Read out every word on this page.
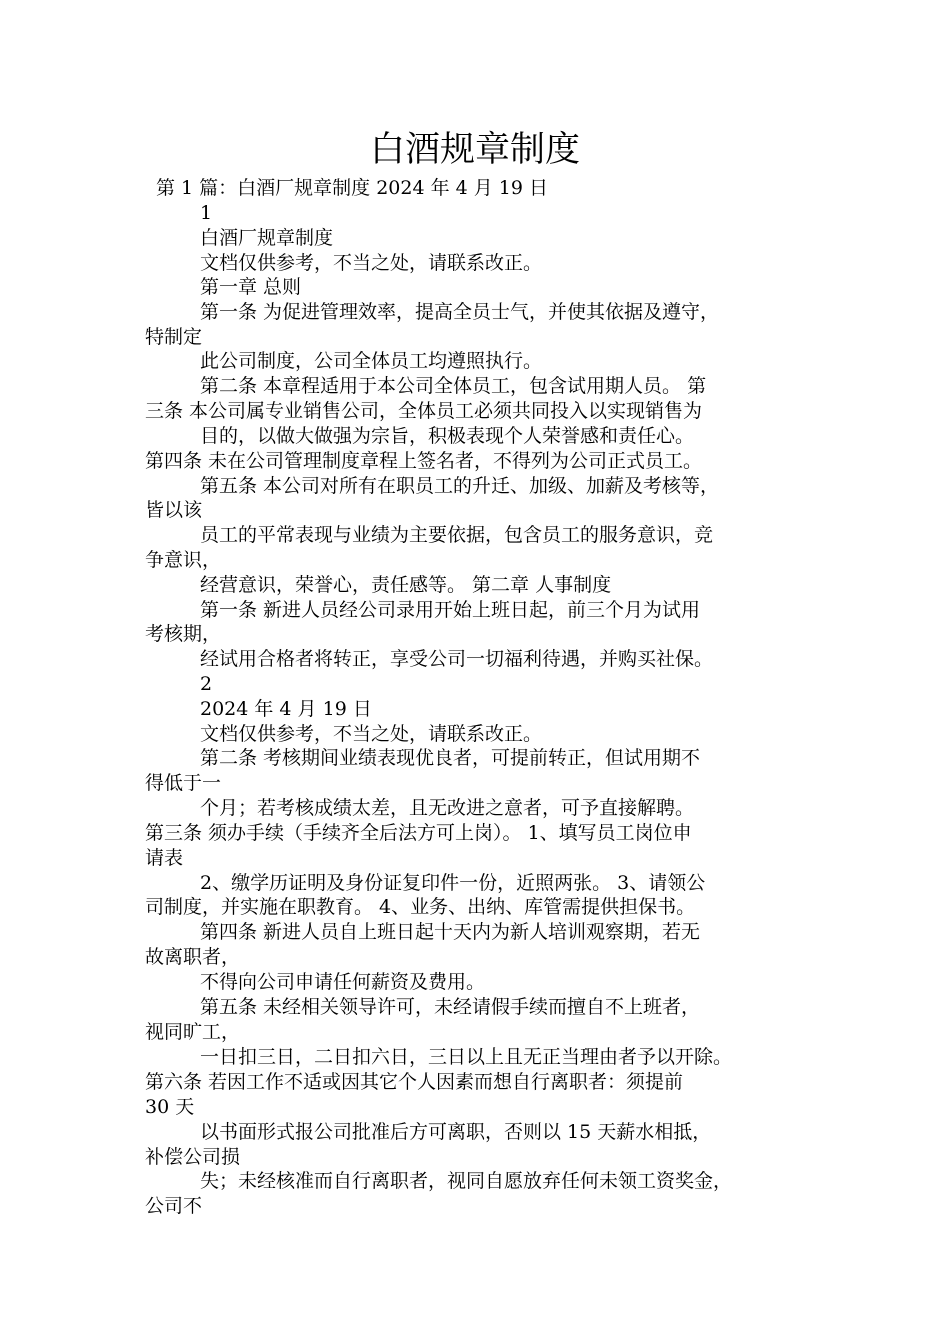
白酒规章制度
第 1 篇：白酒厂规章制度 2024 年 4 月 19 日
1
白酒厂规章制度
文档仅供参考，不当之处，请联系改正。
第一章 总则
第一条 为促进管理效率，提高全员士气，并使其依据及遵守，
特制定
此公司制度，公司全体员工均遵照执行。
第二条 本章程适用于本公司全体员工，包含试用期人员。 第
三条 本公司属专业销售公司，全体员工必须共同投入以实现销售为
目的，以做大做强为宗旨，积极表现个人荣誉感和责任心。
第四条 未在公司管理制度章程上签名者，不得列为公司正式员工。
第五条 本公司对所有在职员工的升迁、加级、加薪及考核等，
皆以该
员工的平常表现与业绩为主要依据，包含员工的服务意识，竞
争意识，
经营意识，荣誉心，责任感等。 第二章 人事制度
第一条 新进人员经公司录用开始上班日起，前三个月为试用
考核期，
经试用合格者将转正，享受公司一切福利待遇，并购买社保。
2
2024 年 4 月 19 日
文档仅供参考，不当之处，请联系改正。
第二条 考核期间业绩表现优良者，可提前转正，但试用期不
得低于一
个月；若考核成绩太差，且无改进之意者，可予直接解聘。
第三条 须办手续（手续齐全后法方可上岗）。 1、填写员工岗位申
请表
2、缴学历证明及身份证复印件一份，近照两张。 3、请领公
司制度，并实施在职教育。 4、业务、出纳、库管需提供担保书。
第四条 新进人员自上班日起十天内为新人培训观察期，若无
故离职者，
不得向公司申请任何薪资及费用。
第五条 未经相关领导许可，未经请假手续而擅自不上班者，
视同旷工，
一日扣三日，二日扣六日，三日以上且无正当理由者予以开除。
第六条 若因工作不适或因其它个人因素而想自行离职者：须提前
30 天
以书面形式报公司批准后方可离职，否则以 15 天薪水相抵，
补偿公司损
失；未经核准而自行离职者，视同自愿放弃任何未领工资奖金，
公司不
